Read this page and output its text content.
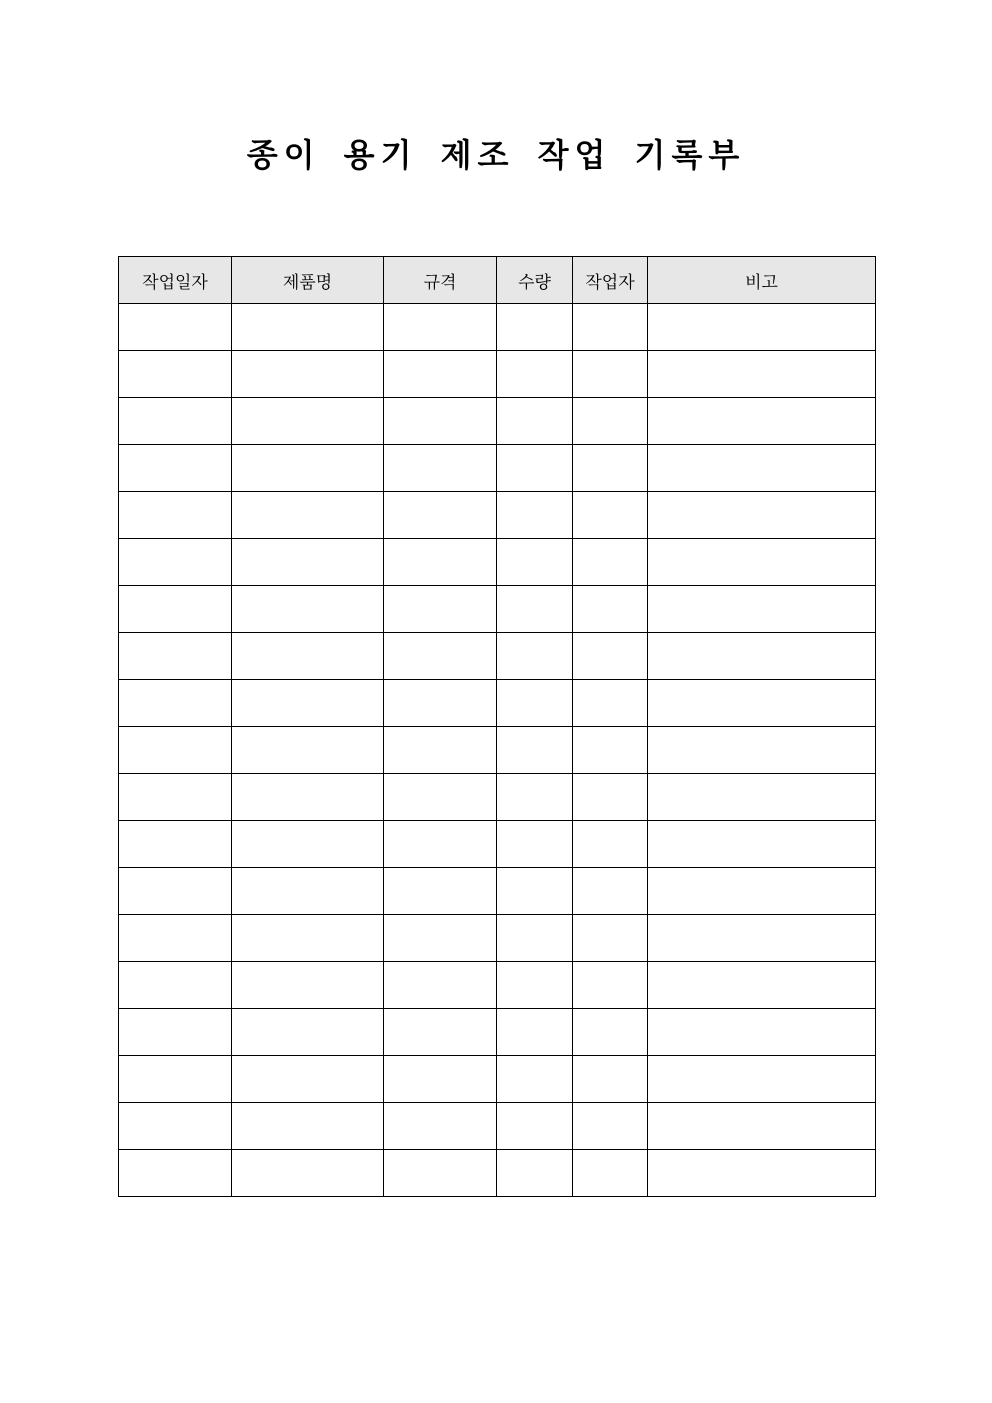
종이 용기 제조 작업 기록부
작업일자	제품명	규격	수량	작업자	비고
